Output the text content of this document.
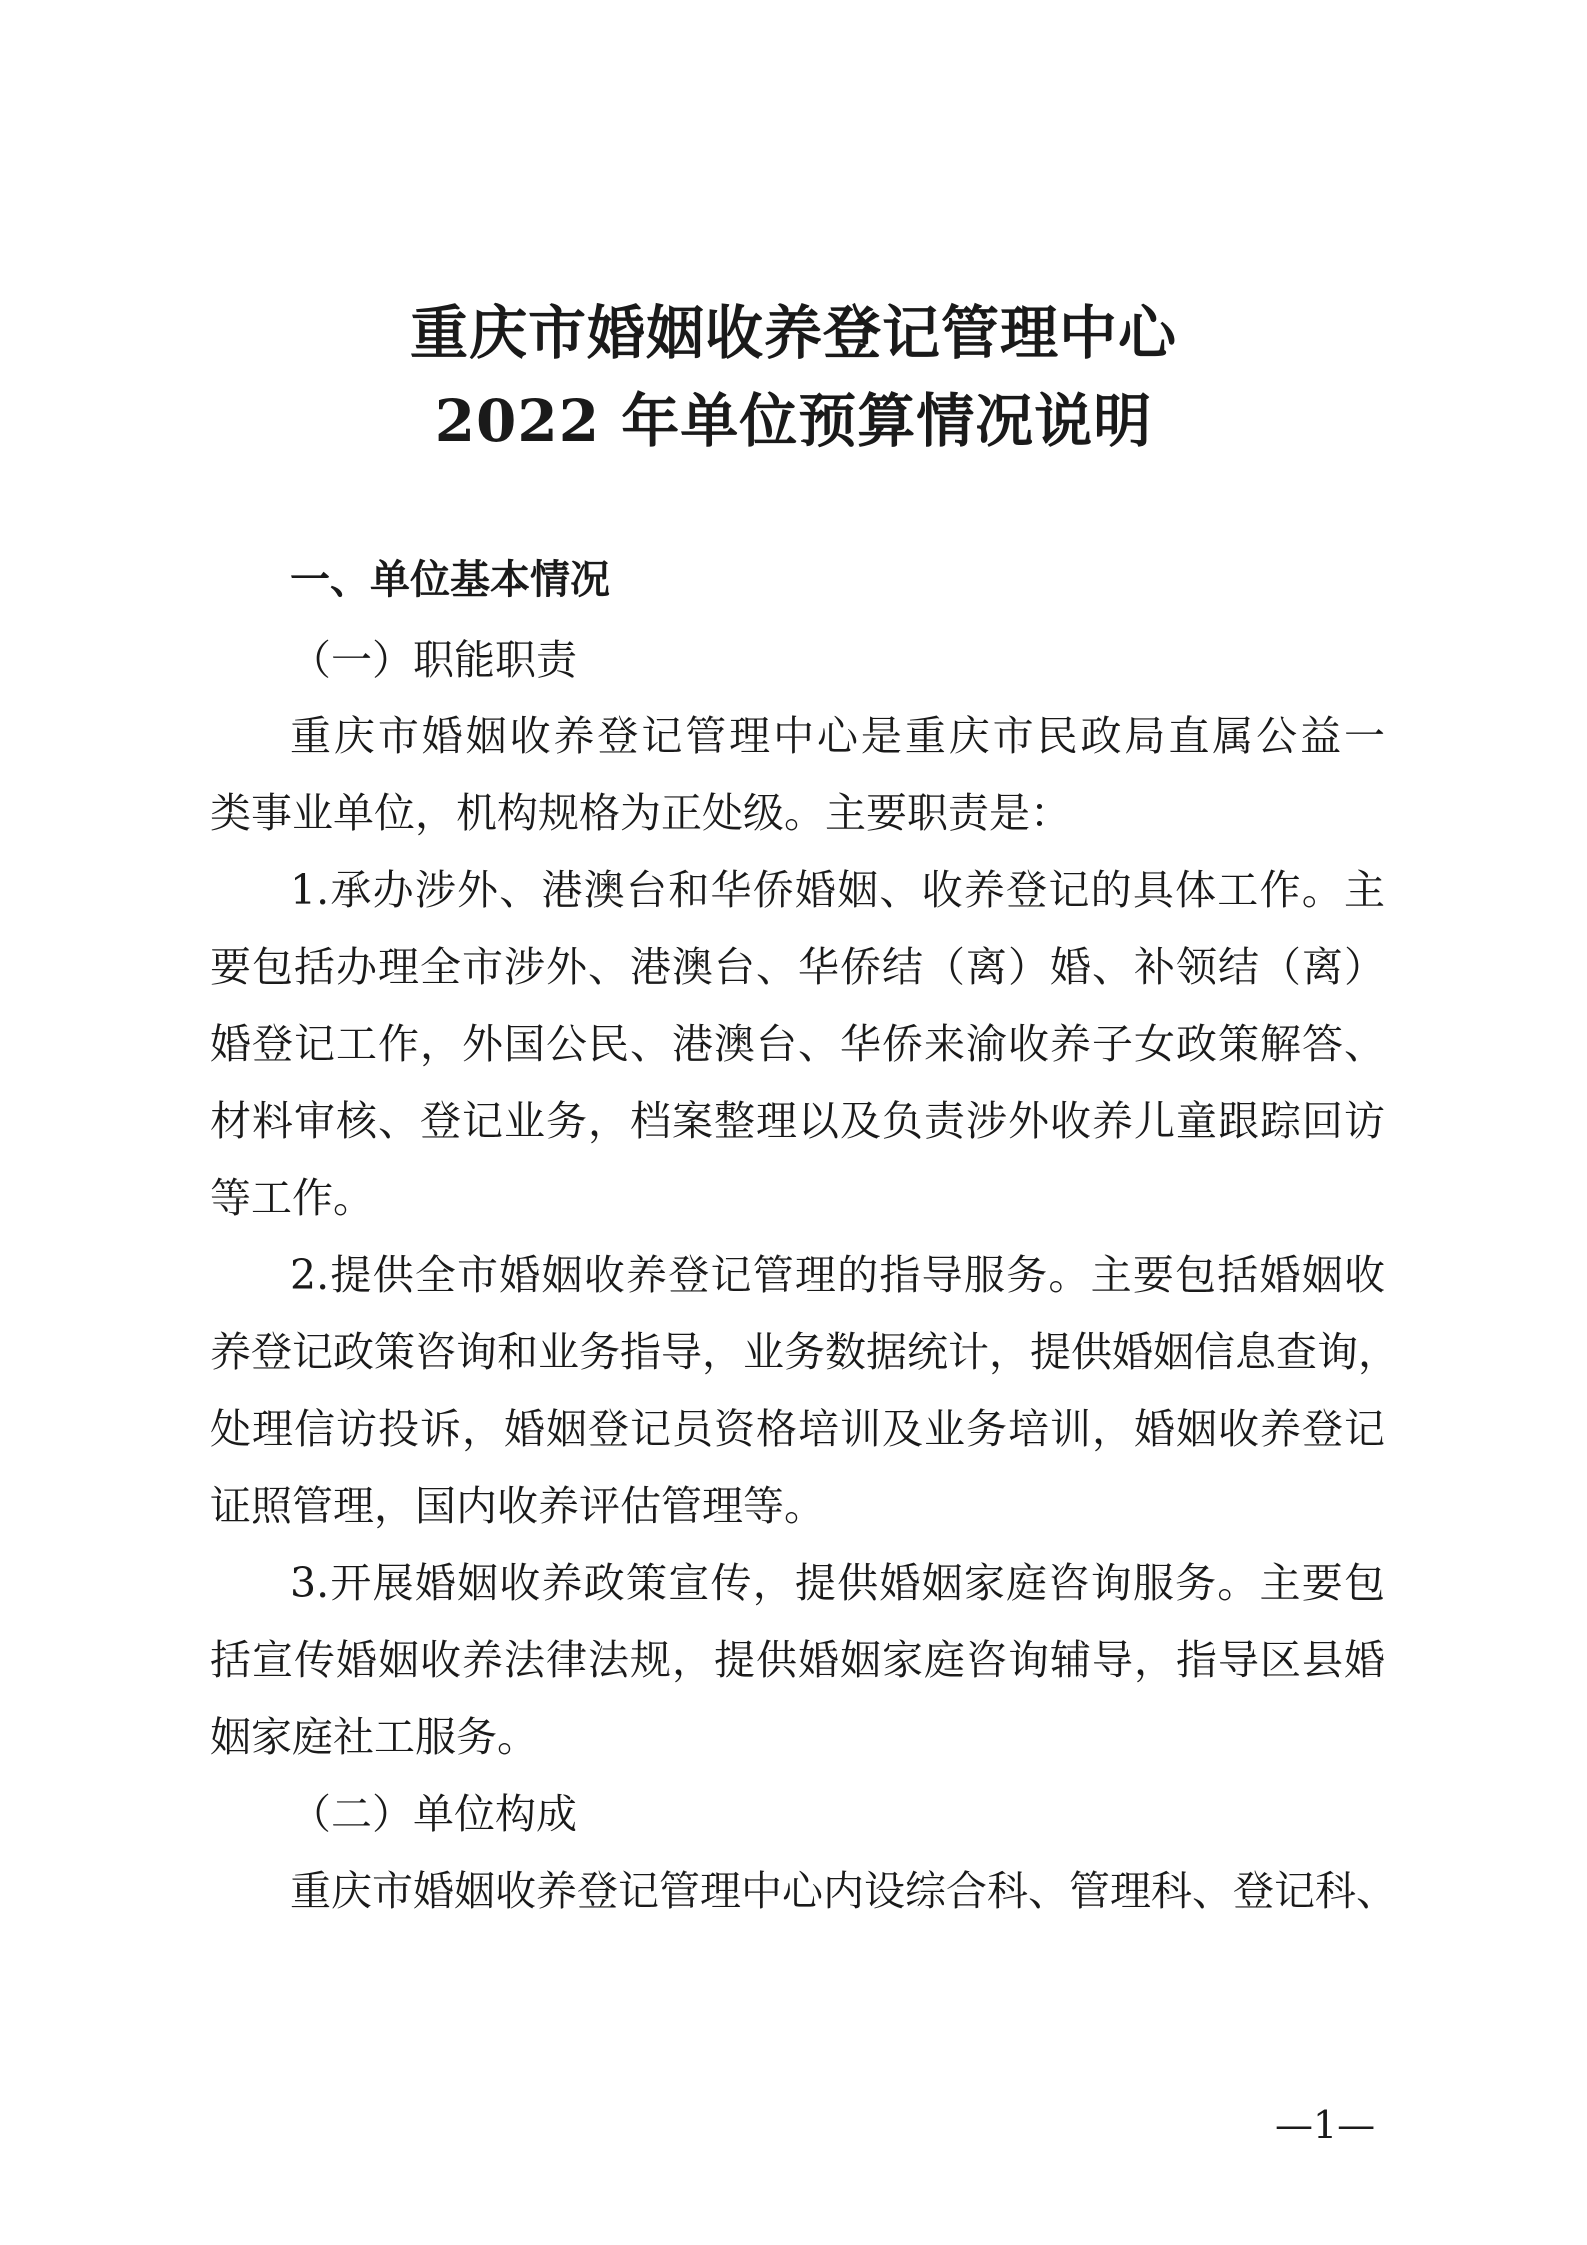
重庆市婚姻收养登记管理中心
2022 年单位预算情况说明
一、单位基本情况
（一）职能职责
重庆市婚姻收养登记管理中心是重庆市民政局直属公益一
类事业单位，机构规格为正处级。主要职责是：
1.承办涉外、港澳台和华侨婚姻、收养登记的具体工作。主
要包括办理全市涉外、港澳台、华侨结（离）婚、补领结（离）
婚登记工作，外国公民、港澳台、华侨来渝收养子女政策解答、
材料审核、登记业务，档案整理以及负责涉外收养儿童跟踪回访
等工作。
2.提供全市婚姻收养登记管理的指导服务。主要包括婚姻收
养登记政策咨询和业务指导，业务数据统计，提供婚姻信息查询，
处理信访投诉，婚姻登记员资格培训及业务培训，婚姻收养登记
证照管理，国内收养评估管理等。
3.开展婚姻收养政策宣传，提供婚姻家庭咨询服务。主要包
括宣传婚姻收养法律法规，提供婚姻家庭咨询辅导，指导区县婚
姻家庭社工服务。
（二）单位构成
重庆市婚姻收养登记管理中心内设综合科、管理科、登记科、
—1—
